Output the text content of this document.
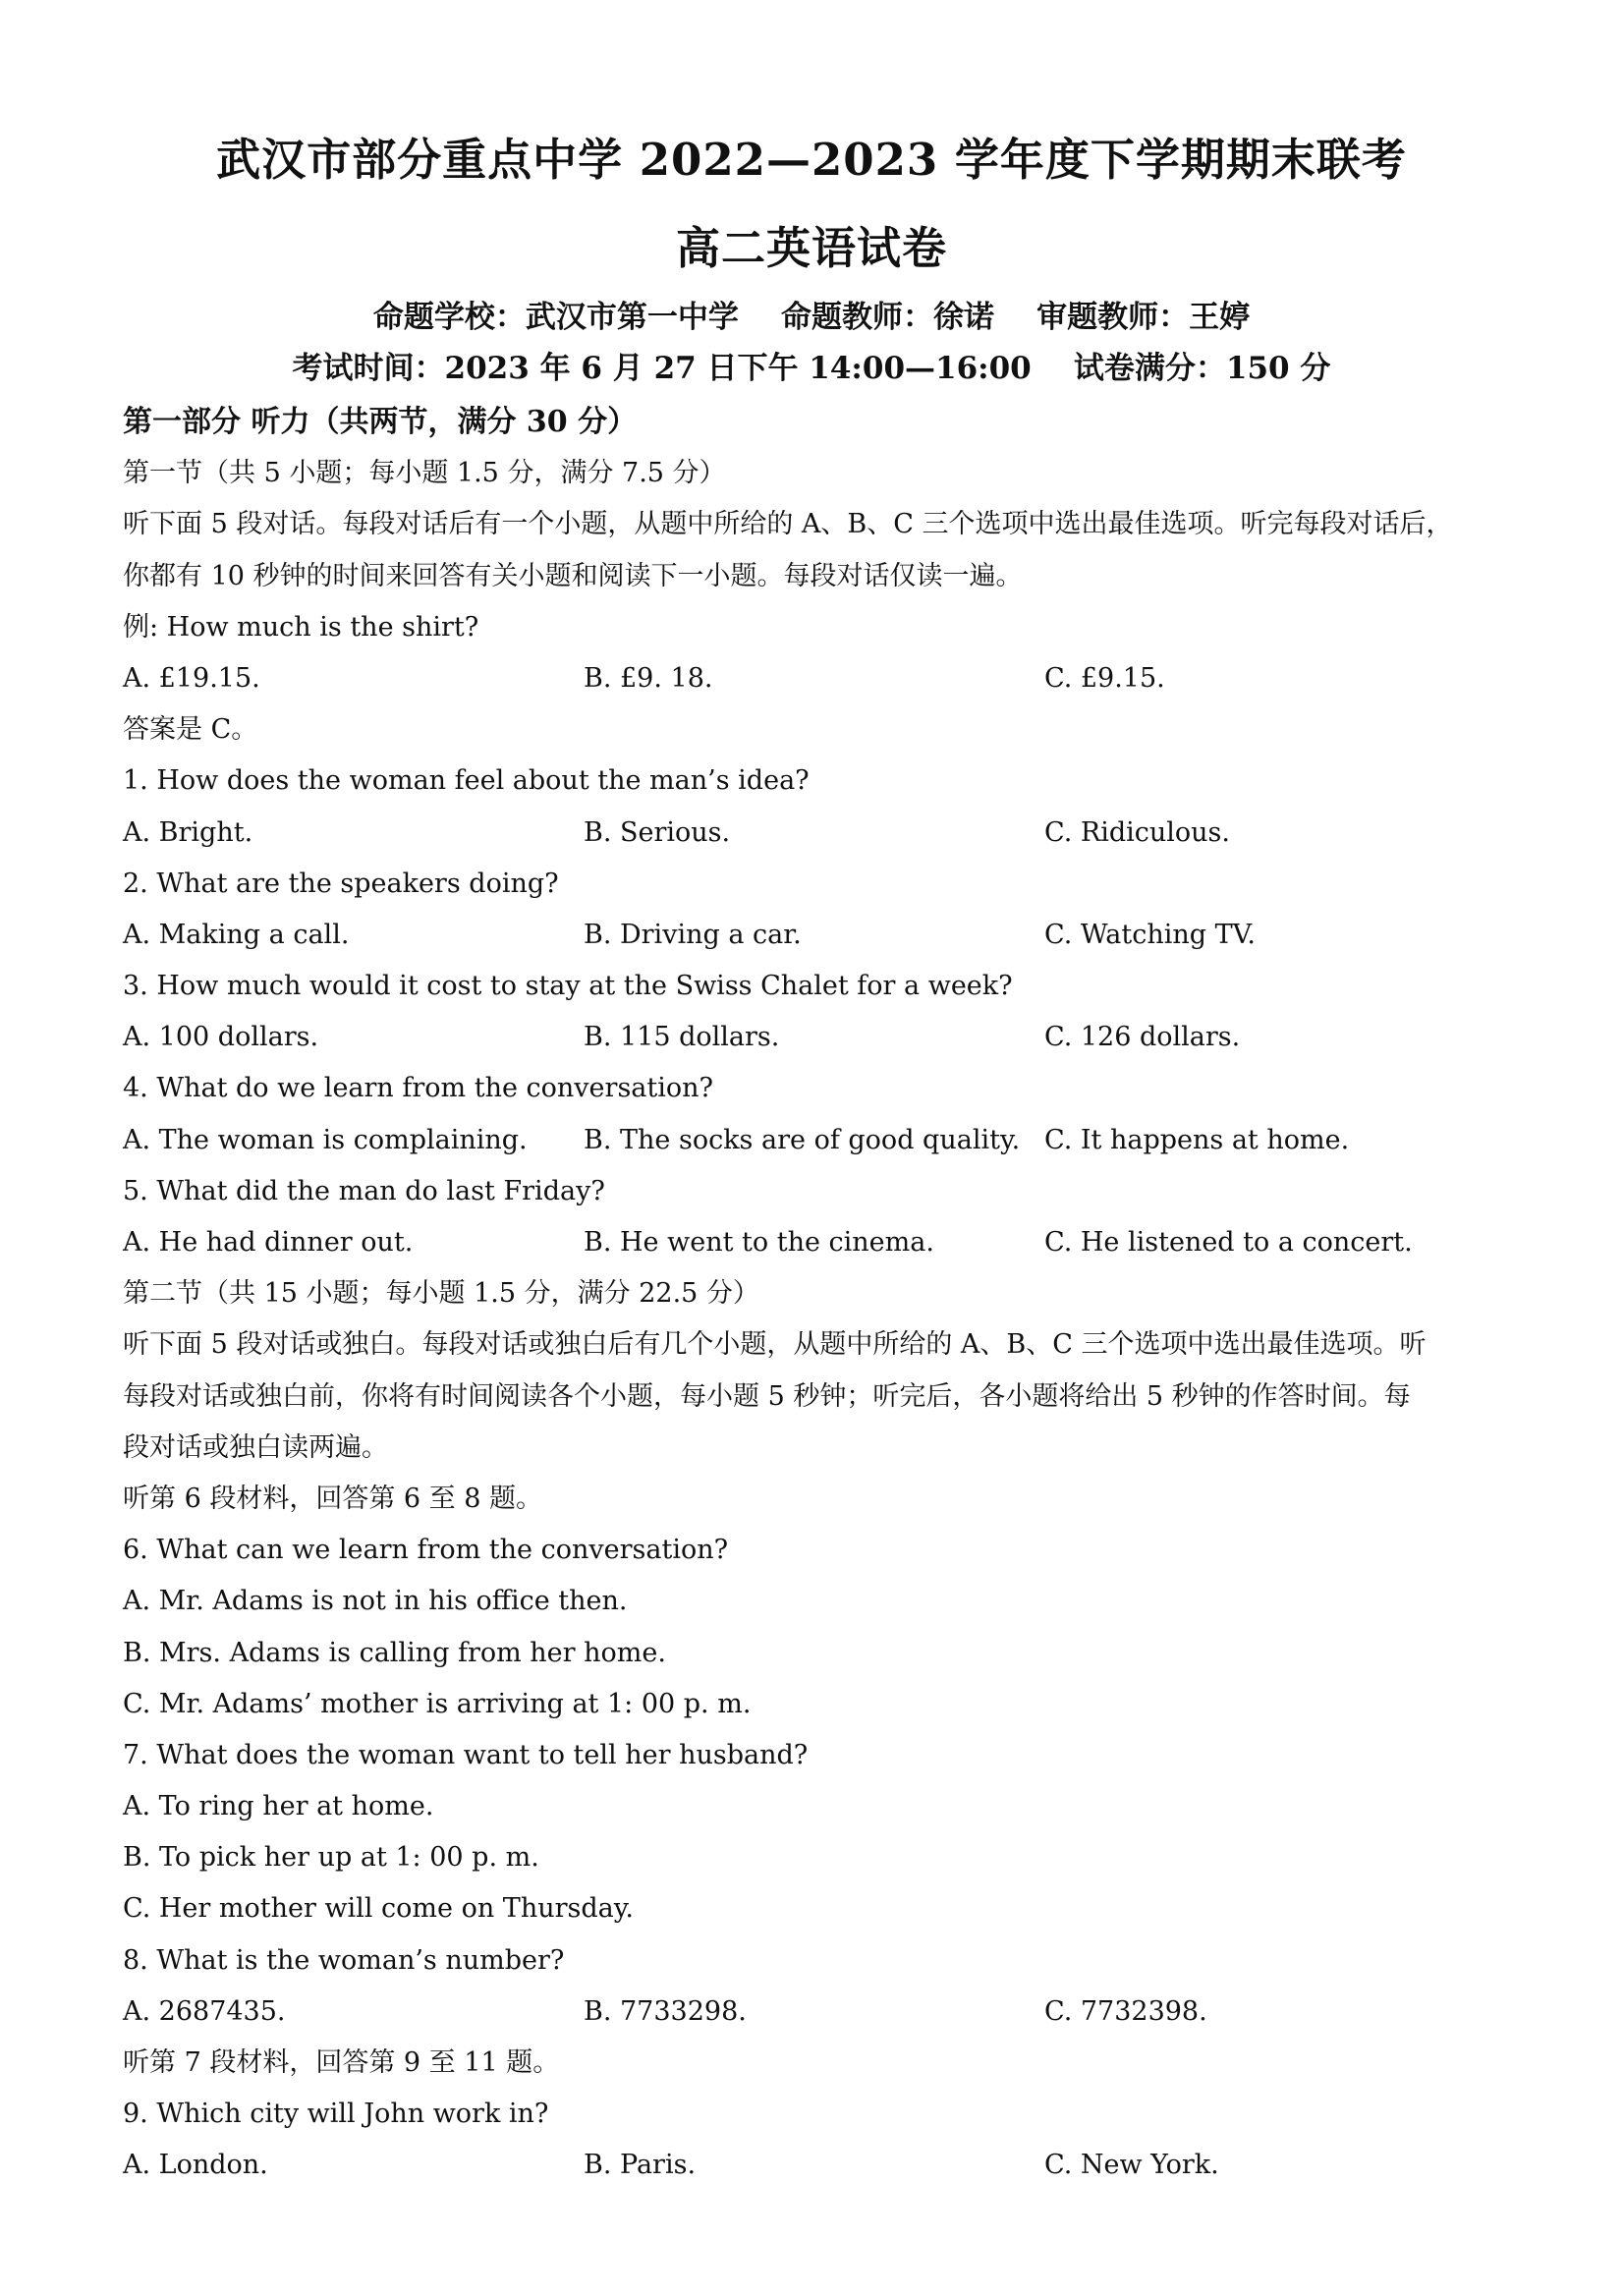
武汉市部分重点中学 2022—2023 学年度下学期期末联考
高二英语试卷
命题学校：武汉市第一中学 命题教师：徐诺 审题教师：王婷
考试时间：2023 年 6 月 27 日下午 14:00—16:00 试卷满分：150 分
第一部分 听力（共两节，满分 30 分）
第一节（共 5 小题；每小题 1.5 分，满分 7.5 分）
听下面 5 段对话。每段对话后有一个小题，从题中所给的 A、B、C 三个选项中选出最佳选项。听完每段对话后，
你都有 10 秒钟的时间来回答有关小题和阅读下一小题。每段对话仅读一遍。
例: How much is the shirt?
A. £19.15.	B. £9. 18.	C. £9.15.
答案是 C。
1. How does the woman feel about the man’s idea?
A. Bright.	B. Serious.	C. Ridiculous.
2. What are the speakers doing?
A. Making a call.	B. Driving a car.	C. Watching TV.
3. How much would it cost to stay at the Swiss Chalet for a week?
A. 100 dollars.	B. 115 dollars.	C. 126 dollars.
4. What do we learn from the conversation?
A. The woman is complaining.	B. The socks are of good quality. C. It happens at home.
5. What did the man do last Friday?
A. He had dinner out.	B. He went to the cinema.	C. He listened to a concert.
第二节（共 15 小题；每小题 1.5 分，满分 22.5 分）
听下面 5 段对话或独白。每段对话或独白后有几个小题，从题中所给的 A、B、C 三个选项中选出最佳选项。听
每段对话或独白前，你将有时间阅读各个小题，每小题 5 秒钟；听完后，各小题将给出 5 秒钟的作答时间。每
段对话或独白读两遍。
听第 6 段材料，回答第 6 至 8 题。
6. What can we learn from the conversation?
A. Mr. Adams is not in his office then.
B. Mrs. Adams is calling from her home.
C. Mr. Adams’ mother is arriving at 1: 00 p. m.
7. What does the woman want to tell her husband?
A. To ring her at home.
B. To pick her up at 1: 00 p. m.
C. Her mother will come on Thursday.
8. What is the woman’s number?
A. 2687435.	B. 7733298.	C. 7732398.
听第 7 段材料，回答第 9 至 11 题。
9. Which city will John work in?
A. London.	B. Paris.	C. New York.
